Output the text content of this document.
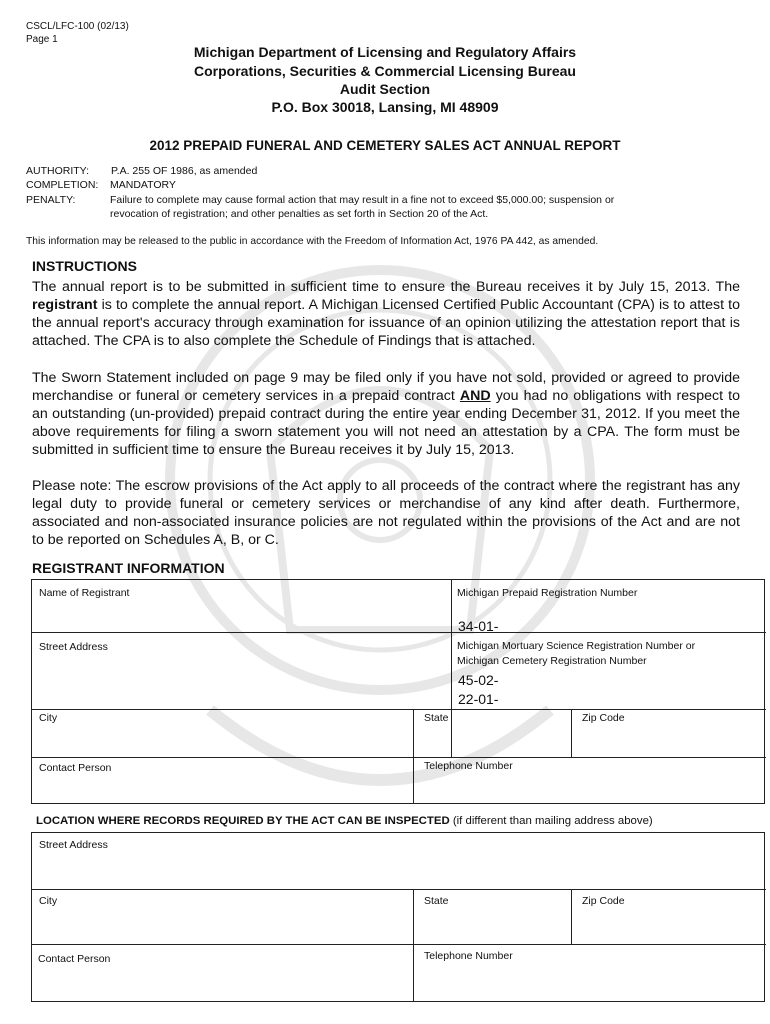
CSCL/LFC-100 (02/13)
Page 1
Michigan Department of Licensing and Regulatory Affairs
Corporations, Securities & Commercial Licensing Bureau
Audit Section
P.O. Box 30018, Lansing, MI 48909
2012 PREPAID FUNERAL AND CEMETERY SALES ACT ANNUAL REPORT
AUTHORITY: P.A. 255 OF 1986, as amended
COMPLETION: MANDATORY
PENALTY:	Failure to complete may cause formal action that may result in a fine not to exceed $5,000.00; suspension or
revocation of registration; and other penalties as set forth in Section 20 of the Act.
This information may be released to the public in accordance with the Freedom of Information Act, 1976 PA 442, as amended.
INSTRUCTIONS
The annual report is to be submitted in sufficient time to ensure the Bureau receives it by July 15, 2013. The registrant is to complete the annual report. A Michigan Licensed Certified Public Accountant (CPA) is to attest to the annual report's accuracy through examination for issuance of an opinion utilizing the attestation report that is attached. The CPA is to also complete the Schedule of Findings that is attached.
The Sworn Statement included on page 9 may be filed only if you have not sold, provided or agreed to provide merchandise or funeral or cemetery services in a prepaid contract AND you had no obligations with respect to an outstanding (un-provided) prepaid contract during the entire year ending December 31, 2012. If you meet the above requirements for filing a sworn statement you will not need an attestation by a CPA. The form must be submitted in sufficient time to ensure the Bureau receives it by July 15, 2013.
Please note: The escrow provisions of the Act apply to all proceeds of the contract where the registrant has any legal duty to provide funeral or cemetery services or merchandise of any kind after death. Furthermore, associated and non-associated insurance policies are not regulated within the provisions of the Act and are not to be reported on Schedules A, B, or C.
REGISTRANT INFORMATION
Name of Registrant	Michigan Prepaid Registration Number
34-01-
Street Address	Michigan Mortuary Science Registration Number or
Michigan Cemetery Registration Number
45-02-
22-01-
City	State	Zip Code
Contact Person	Telephone Number
LOCATION WHERE RECORDS REQUIRED BY THE ACT CAN BE INSPECTED (if different than mailing address above)
Street Address
City	State	Zip Code
Contact Person	Telephone Number
